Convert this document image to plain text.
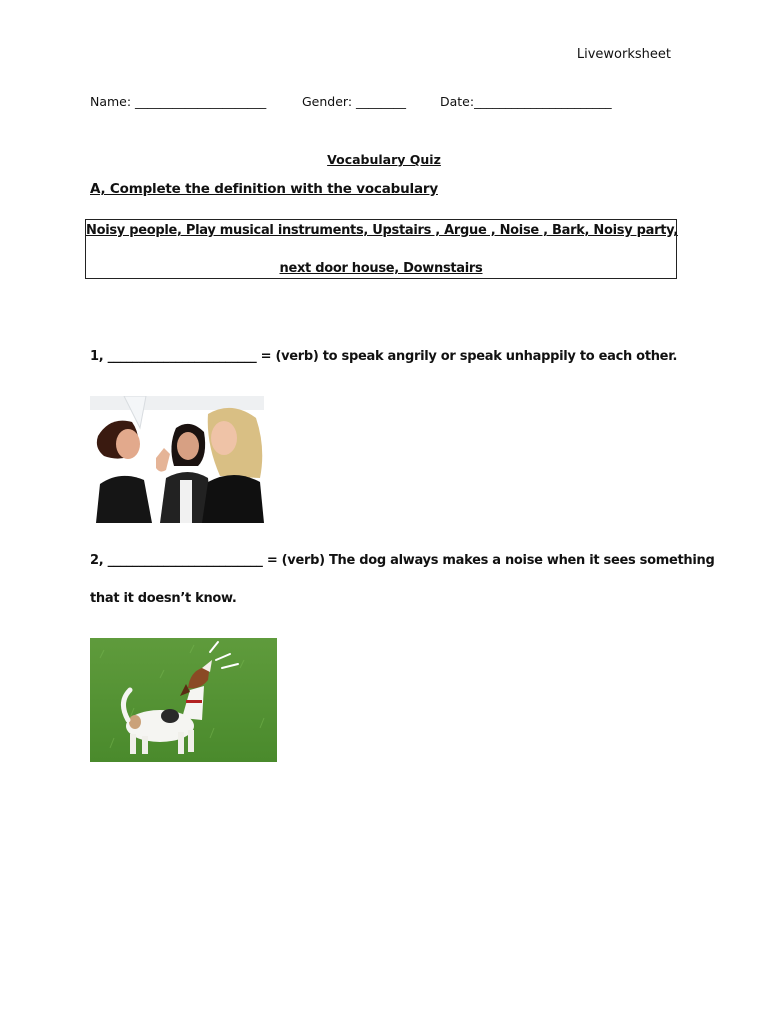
Liveworksheet
Name: _____________________	Gender: ________	Date:______________________
Vocabulary Quiz
A, Complete the definition with the vocabulary
Noisy people, Play musical instruments, Upstairs , Argue , Noise , Bark, Noisy party,
next door house, Downstairs
1, ________________________ = (verb) to speak angrily or speak unhappily to each other.
2, _________________________ = (verb) The dog always makes a noise when it sees something
that it doesn’t know.
